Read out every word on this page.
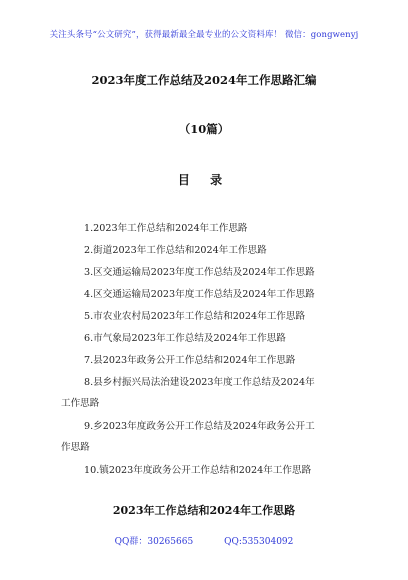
关注头条号“公文研究”，获得最新最全最专业的公文资料库！ 微信：gongwenyj
2023年度工作总结及2024年工作思路汇编
（10篇）
目 录
1.2023年工作总结和2024年工作思路
2.街道2023年工作总结和2024年工作思路
3.区交通运输局2023年度工作总结及2024年工作思路
4.区交通运输局2023年度工作总结及2024年工作思路
5.市农业农村局2023年工作总结和2024年工作思路
6.市气象局2023年工作总结及2024年工作思路
7.县2023年政务公开工作总结和2024年工作思路
8.县乡村振兴局法治建设2023年度工作总结及2024年
工作思路
9.乡2023年度政务公开工作总结及2024年政务公开工
作思路
10.镇2023年度政务公开工作总结和2024年工作思路
2023年工作总结和2024年工作思路
QQ群：30265665	QQ:535304092
